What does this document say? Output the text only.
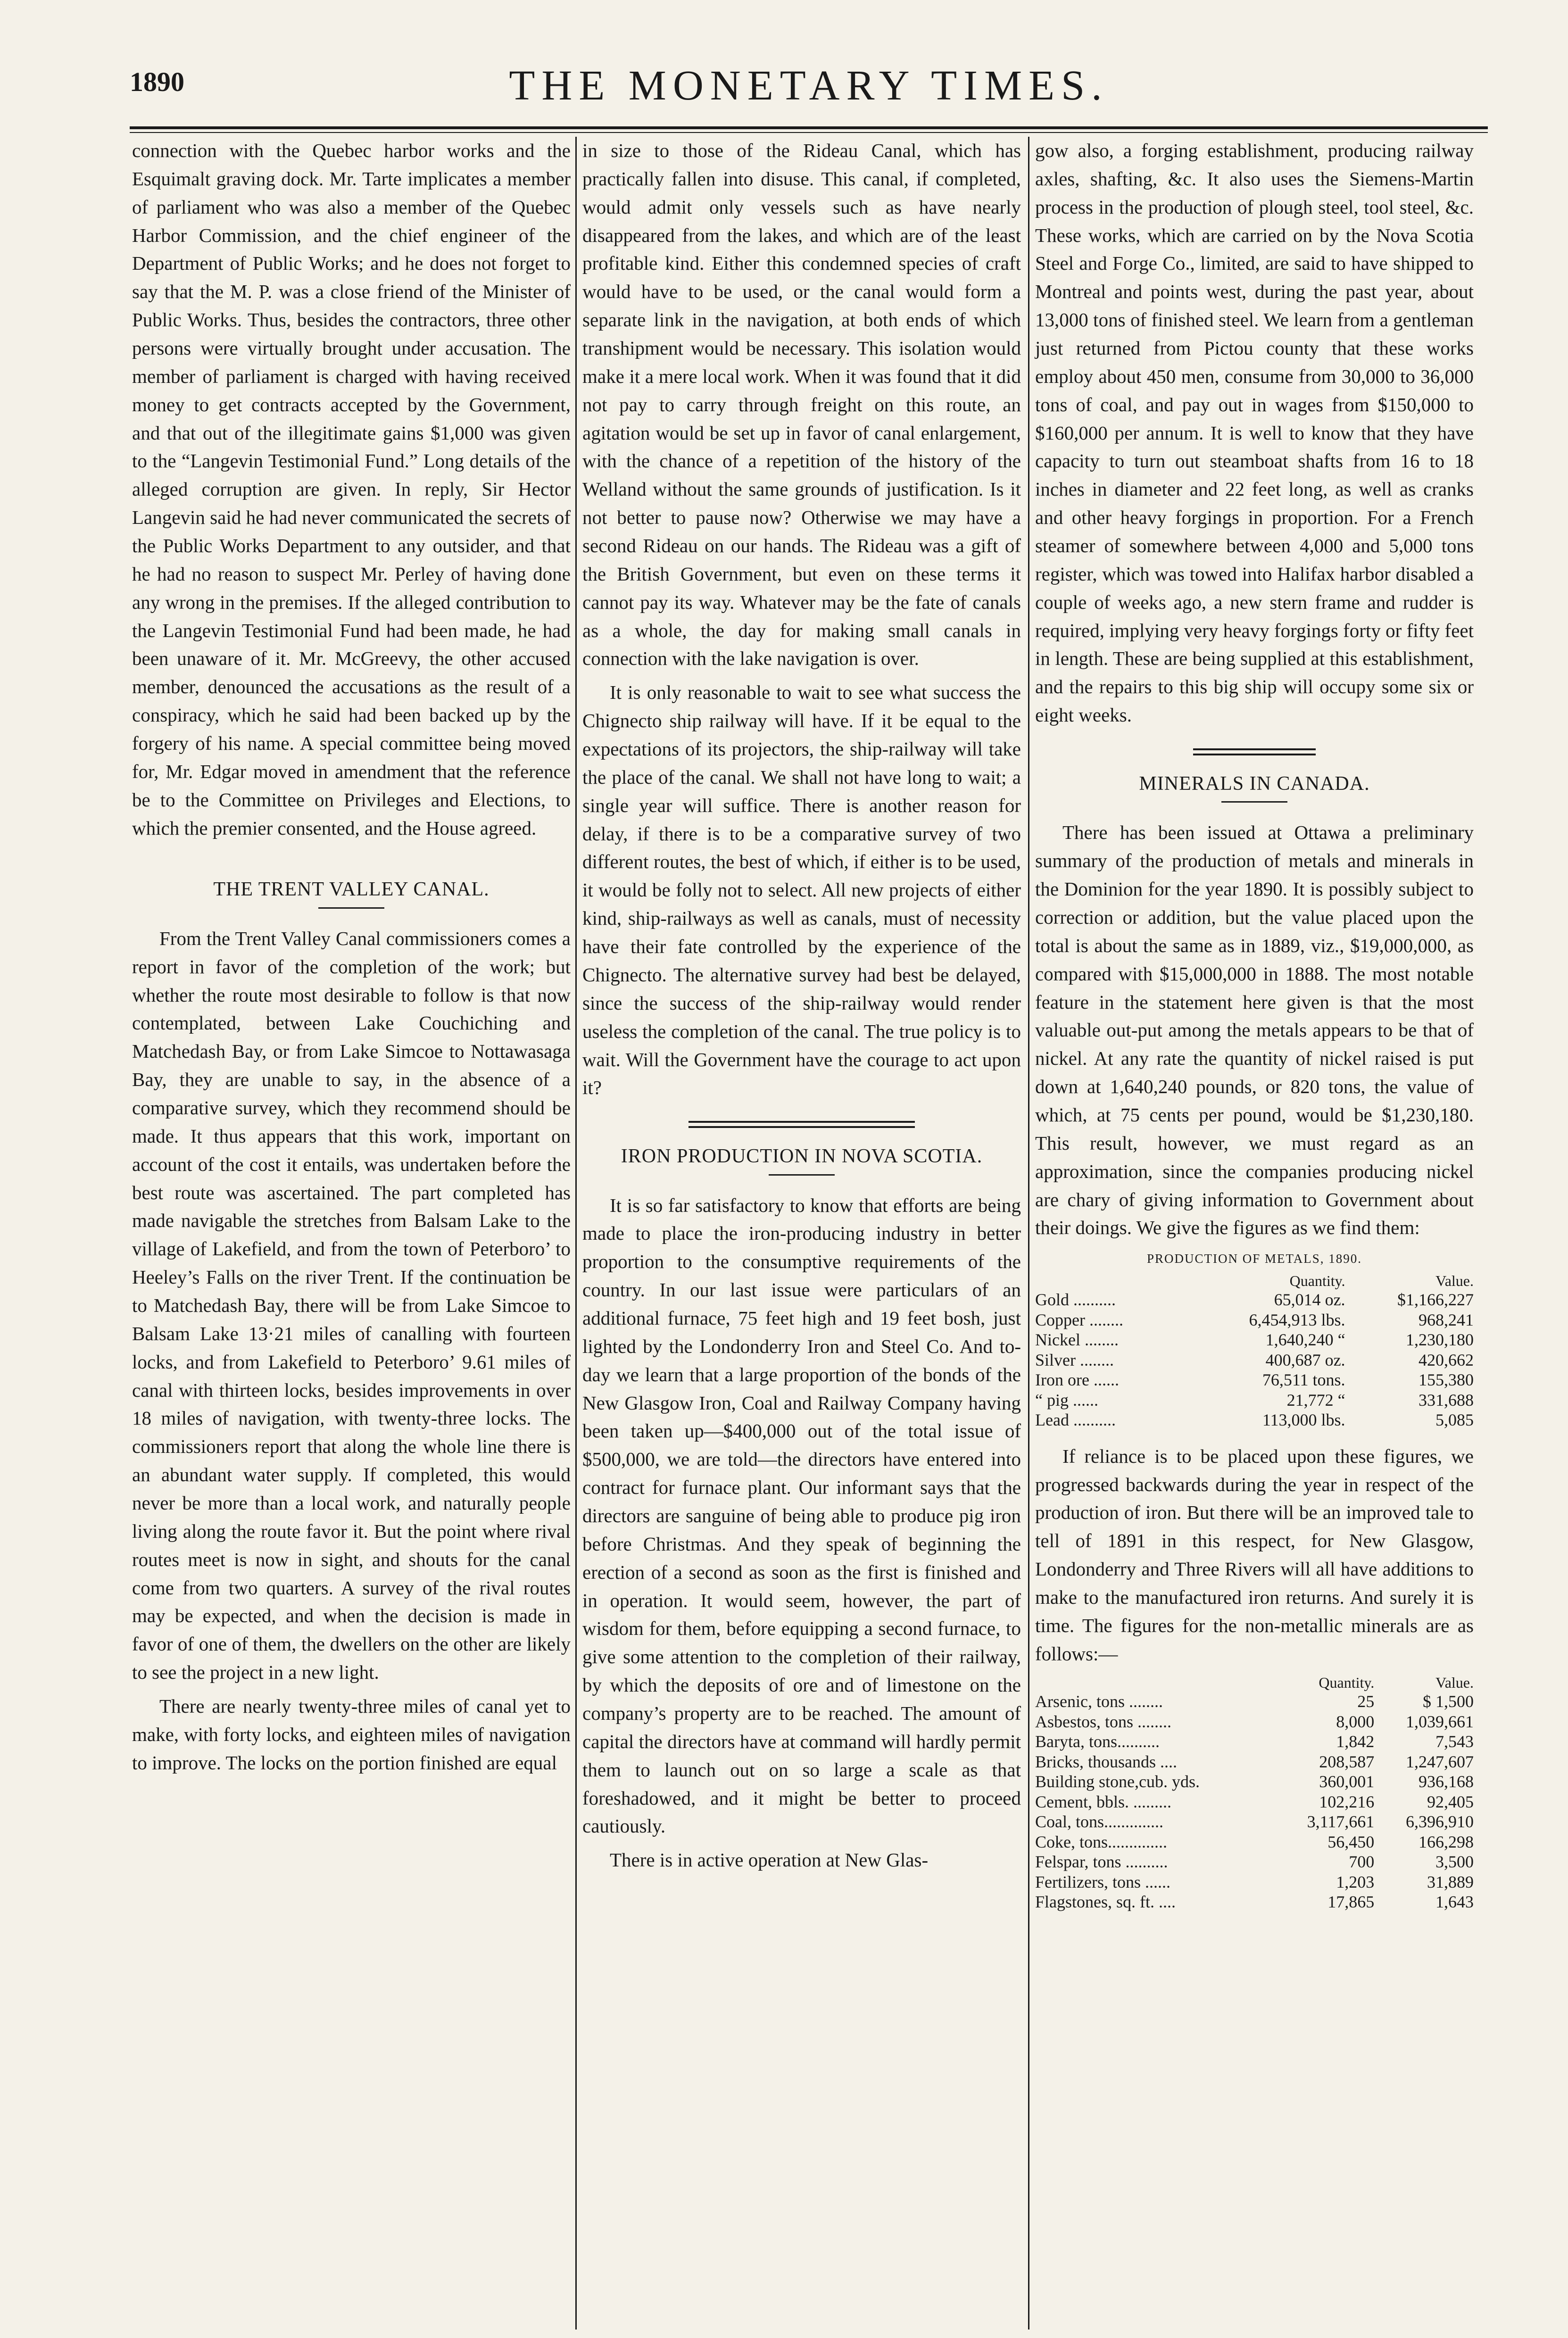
1890	THE MONETARY TIMES.

connection with the Quebec harbor works and the Esquimalt graving dock. Mr. Tarte implicates a member of parliament who was also a member of the Quebec Harbor Commission, and the chief engineer of the Department of Public Works; and he does not forget to say that the M. P. was a close friend of the Minister of Public Works. Thus, besides the contractors, three other persons were virtually brought under accusation. The member of parliament is charged with having received money to get contracts accepted by the Government, and that out of the illegitimate gains $1,000 was given to the “Langevin Testimonial Fund.” Long details of the alleged corruption are given. In reply, Sir Hector Langevin said he had never communicated the secrets of the Public Works Department to any outsider, and that he had no reason to suspect Mr. Perley of having done any wrong in the premises. If the alleged contribution to the Langevin Testimonial Fund had been made, he had been unaware of it. Mr. McGreevy, the other accused member, denounced the accusations as the result of a conspiracy, which he said had been backed up by the forgery of his name. A special committee being moved for, Mr. Edgar moved in amendment that the reference be to the Committee on Privileges and Elections, to which the premier consented, and the House agreed.

THE TRENT VALLEY CANAL.

From the Trent Valley Canal commissioners comes a report in favor of the completion of the work; but whether the route most desirable to follow is that now contemplated, between Lake Couchiching and Matchedash Bay, or from Lake Simcoe to Nottawasaga Bay, they are unable to say, in the absence of a comparative survey, which they recommend should be made. It thus appears that this work, important on account of the cost it entails, was undertaken before the best route was ascertained. The part completed has made navigable the stretches from Balsam Lake to the village of Lakefield, and from the town of Peterboro’ to Heeley’s Falls on the river Trent. If the continuation be to Matchedash Bay, there will be from Lake Simcoe to Balsam Lake 13·21 miles of canalling with fourteen locks, and from Lakefield to Peterboro’ 9.61 miles of canal with thirteen locks, besides improvements in over 18 miles of navigation, with twenty-three locks. The commissioners report that along the whole line there is an abundant water supply. If completed, this would never be more than a local work, and naturally people living along the route favor it. But the point where rival routes meet is now in sight, and shouts for the canal come from two quarters. A survey of the rival routes may be expected, and when the decision is made in favor of one of them, the dwellers on the other are likely to see the project in a new light.

There are nearly twenty-three miles of canal yet to make, with forty locks, and eighteen miles of navigation to improve. The locks on the portion finished are equal

in size to those of the Rideau Canal, which has practically fallen into disuse. This canal, if completed, would admit only vessels such as have nearly disappeared from the lakes, and which are of the least profitable kind. Either this condemned species of craft would have to be used, or the canal would form a separate link in the navigation, at both ends of which transhipment would be necessary. This isolation would make it a mere local work. When it was found that it did not pay to carry through freight on this route, an agitation would be set up in favor of canal enlargement, with the chance of a repetition of the history of the Welland without the same grounds of justification. Is it not better to pause now? Otherwise we may have a second Rideau on our hands. The Rideau was a gift of the British Government, but even on these terms it cannot pay its way. Whatever may be the fate of canals as a whole, the day for making small canals in connection with the lake navigation is over.

It is only reasonable to wait to see what success the Chignecto ship railway will have. If it be equal to the expectations of its projectors, the ship-railway will take the place of the canal. We shall not have long to wait; a single year will suffice. There is another reason for delay, if there is to be a comparative survey of two different routes, the best of which, if either is to be used, it would be folly not to select. All new projects of either kind, ship-railways as well as canals, must of necessity have their fate controlled by the experience of the Chignecto. The alternative survey had best be delayed, since the success of the ship-railway would render useless the completion of the canal. The true policy is to wait. Will the Government have the courage to act upon it?

IRON PRODUCTION IN NOVA SCOTIA.

It is so far satisfactory to know that efforts are being made to place the iron-producing industry in better proportion to the consumptive requirements of the country. In our last issue were particulars of an additional furnace, 75 feet high and 19 feet bosh, just lighted by the Londonderry Iron and Steel Co. And to-day we learn that a large proportion of the bonds of the New Glasgow Iron, Coal and Railway Company having been taken up—$400,000 out of the total issue of $500,000, we are told—the directors have entered into contract for furnace plant. Our informant says that the directors are sanguine of being able to produce pig iron before Christmas. And they speak of beginning the erection of a second as soon as the first is finished and in operation. It would seem, however, the part of wisdom for them, before equipping a second furnace, to give some attention to the completion of their railway, by which the deposits of ore and of limestone on the company’s property are to be reached. The amount of capital the directors have at command will hardly permit them to launch out on so large a scale as that foreshadowed, and it might be better to proceed cautiously.

There is in active operation at New Glas-

gow also, a forging establishment, producing railway axles, shafting, &c. It also uses the Siemens-Martin process in the production of plough steel, tool steel, &c. These works, which are carried on by the Nova Scotia Steel and Forge Co., limited, are said to have shipped to Montreal and points west, during the past year, about 13,000 tons of finished steel. We learn from a gentleman just returned from Pictou county that these works employ about 450 men, consume from 30,000 to 36,000 tons of coal, and pay out in wages from $150,000 to $160,000 per annum. It is well to know that they have capacity to turn out steamboat shafts from 16 to 18 inches in diameter and 22 feet long, as well as cranks and other heavy forgings in proportion. For a French steamer of somewhere between 4,000 and 5,000 tons register, which was towed into Halifax harbor disabled a couple of weeks ago, a new stern frame and rudder is required, implying very heavy forgings forty or fifty feet in length. These are being supplied at this establishment, and the repairs to this big ship will occupy some six or eight weeks.

MINERALS IN CANADA.

There has been issued at Ottawa a preliminary summary of the production of metals and minerals in the Dominion for the year 1890. It is possibly subject to correction or addition, but the value placed upon the total is about the same as in 1889, viz., $19,000,000, as compared with $15,000,000 in 1888. The most notable feature in the statement here given is that the most valuable out-put among the metals appears to be that of nickel. At any rate the quantity of nickel raised is put down at 1,640,240 pounds, or 820 tons, the value of which, at 75 cents per pound, would be $1,230,180. This result, however, we must regard as an approximation, since the companies producing nickel are chary of giving information to Government about their doings. We give the figures as we find them:

PRODUCTION OF METALS, 1890.
	Quantity.	Value.
Gold ..........	65,014 oz.	$1,166,227
Copper ........	6,454,913 lbs.	968,241
Nickel ........	1,640,240 “	1,230,180
Silver ........	400,687 oz.	420,662
Iron ore ......	76,511 tons.	155,380
“ pig ......	21,772 “	331,688
Lead ..........	113,000 lbs.	5,085

If reliance is to be placed upon these figures, we progressed backwards during the year in respect of the production of iron. But there will be an improved tale to tell of 1891 in this respect, for New Glasgow, Londonderry and Three Rivers will all have additions to make to the manufactured iron returns. And surely it is time. The figures for the non-metallic minerals are as follows:—

	Quantity.	Value.
Arsenic, tons ........	25	$ 1,500
Asbestos, tons ........	8,000	1,039,661
Baryta, tons..........	1,842	7,543
Bricks, thousands ....	208,587	1,247,607
Building stone,cub. yds.	360,001	936,168
Cement, bbls. .........	102,216	92,405
Coal, tons..............	3,117,661	6,396,910
Coke, tons..............	56,450	166,298
Felspar, tons ..........	700	3,500
Fertilizers, tons ......	1,203	31,889
Flagstones, sq. ft. ....	17,865	1,643
